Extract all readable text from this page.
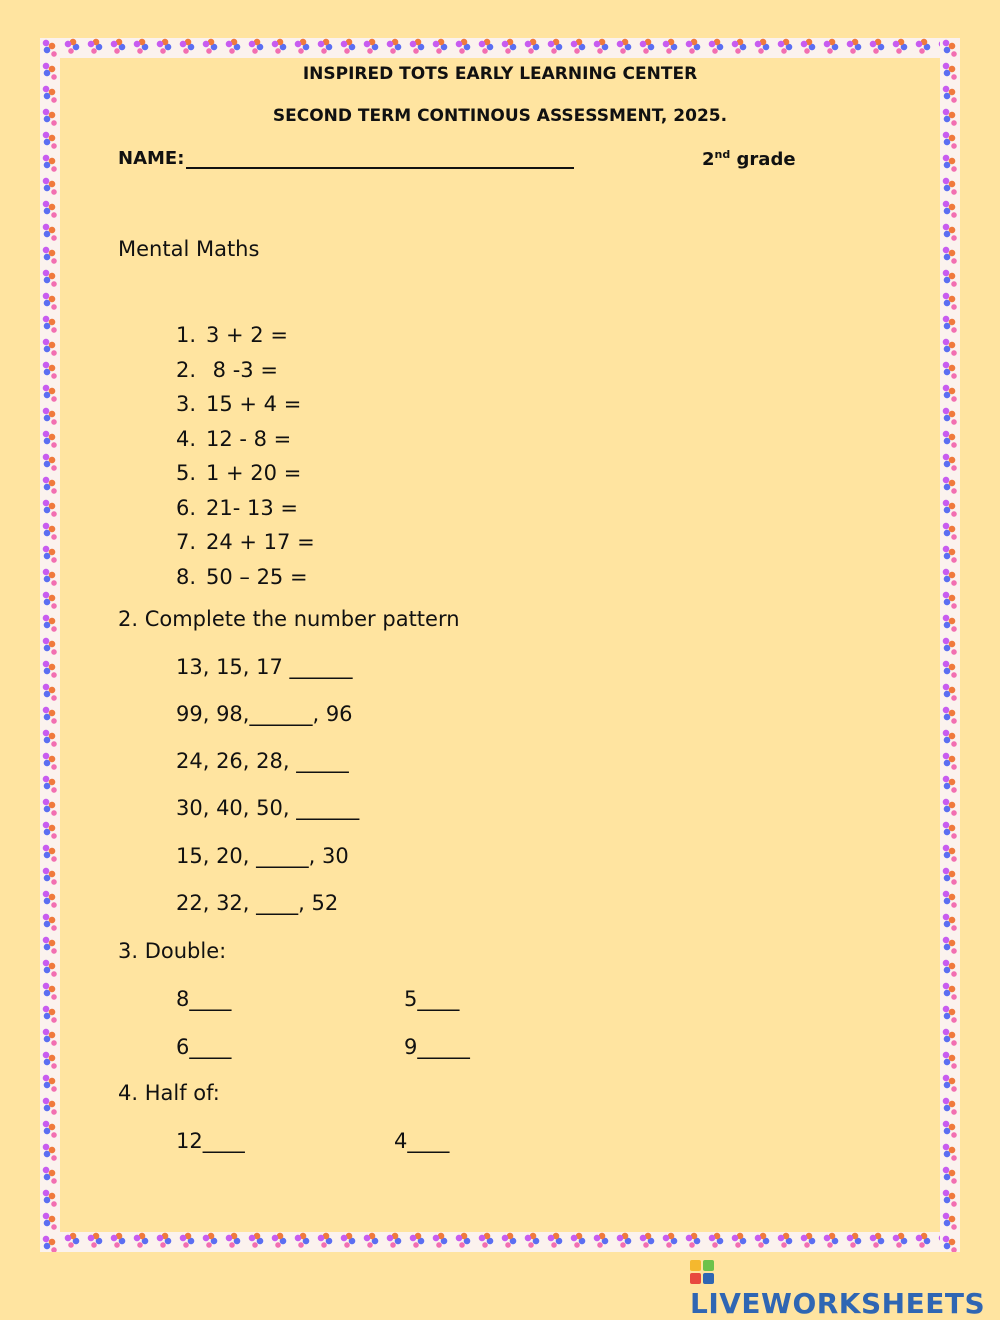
INSPIRED TOTS EARLY LEARNING CENTER
SECOND TERM CONTINOUS ASSESSMENT, 2025.
NAME:	2nd grade
Mental Maths
1. 3 + 2 =
2. 8 -3 =
3. 15 + 4 =
4. 12 - 8 =
5. 1 + 20 =
6. 21- 13 =
7. 24 + 17 =
8. 50 – 25 =
2. Complete the number pattern
13, 15, 17 ______
99, 98,______, 96
24, 26, 28, _____
30, 40, 50, ______
15, 20, _____, 30
22, 32, ____, 52
3. Double:
8____	5____
6____	9_____
4. Half of:
12____	4____
LIVEWORKSHEETS
